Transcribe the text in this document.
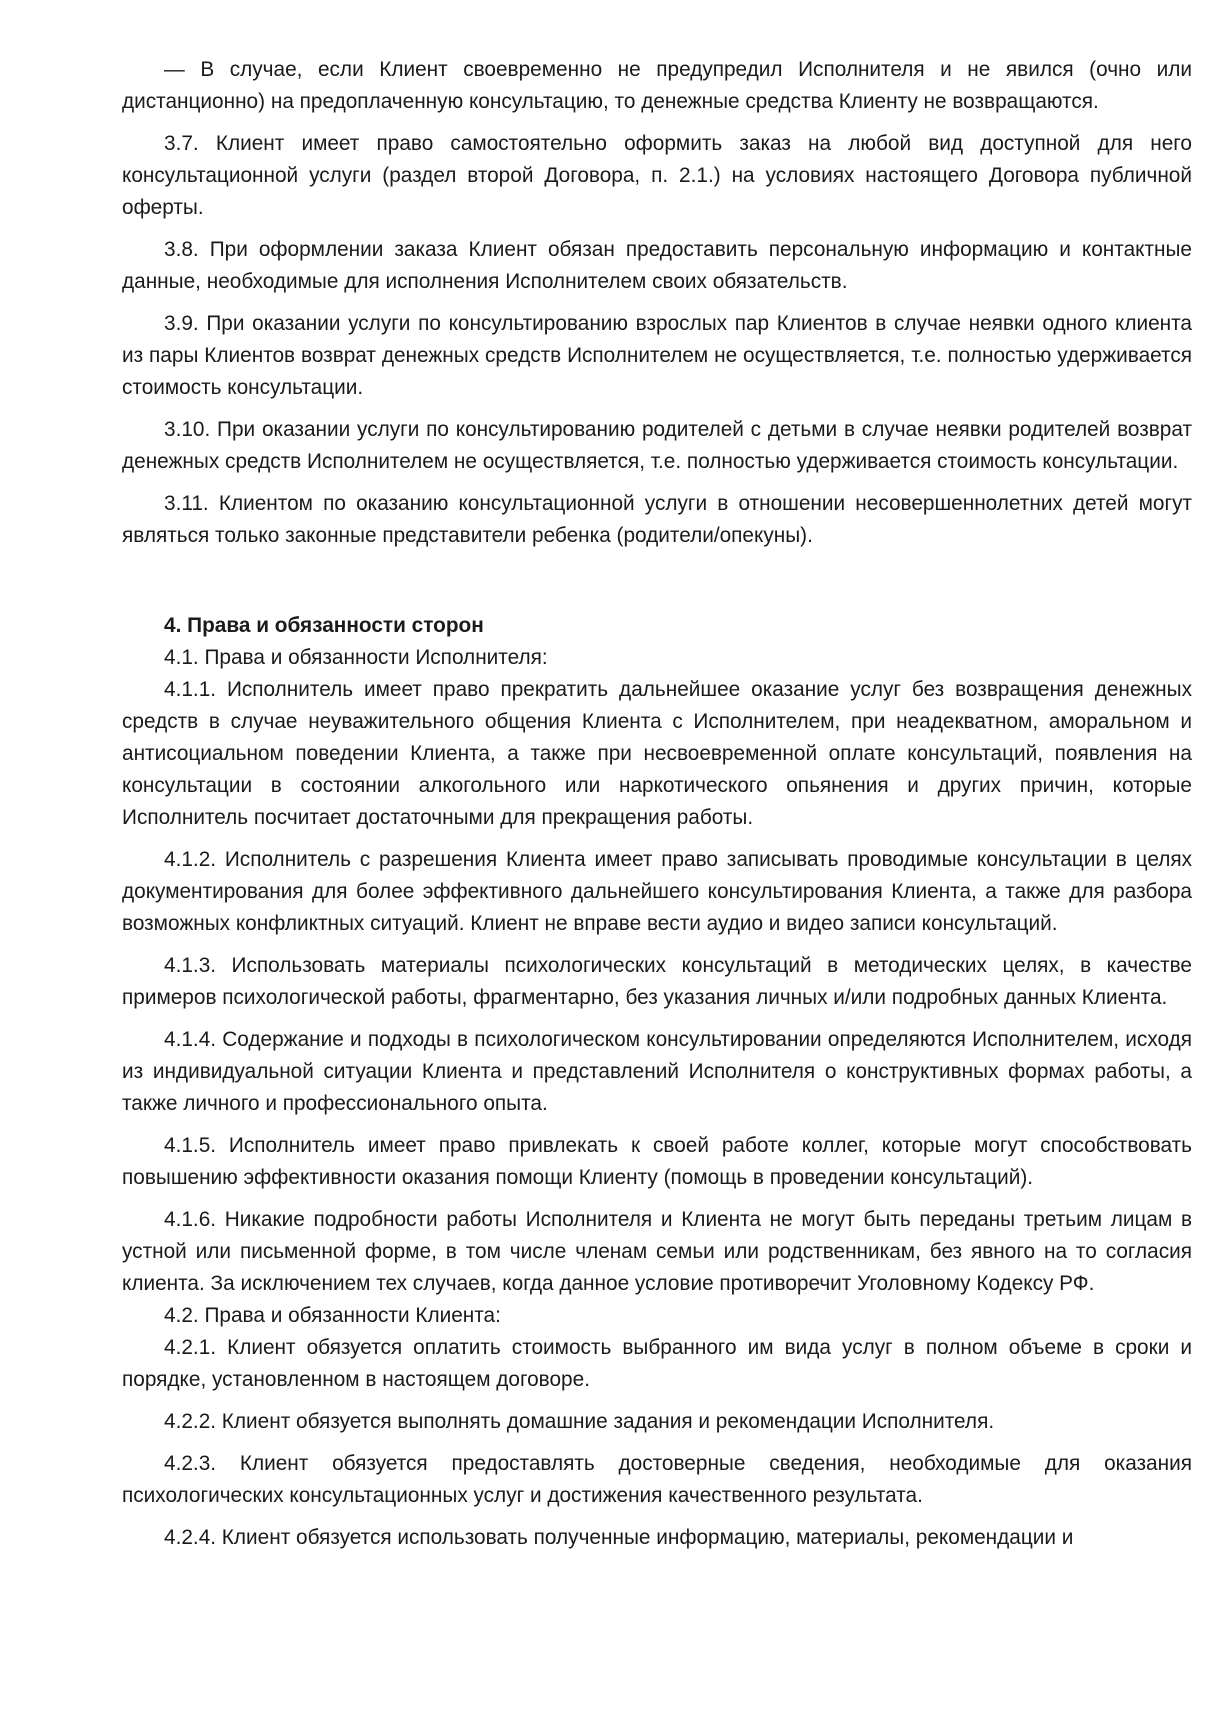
— В случае, если Клиент своевременно не предупредил Исполнителя и не явился (очно или дистанционно) на предоплаченную консультацию, то денежные средства Клиенту не возвращаются.

3.7. Клиент имеет право самостоятельно оформить заказ на любой вид доступной для него консультационной услуги (раздел второй Договора, п. 2.1.) на условиях настоящего Договора публичной оферты.

3.8. При оформлении заказа Клиент обязан предоставить персональную информацию и контактные данные, необходимые для исполнения Исполнителем своих обязательств.

3.9. При оказании услуги по консультированию взрослых пар Клиентов в случае неявки одного клиента из пары Клиентов возврат денежных средств Исполнителем не осуществляется, т.е. полностью удерживается стоимость консультации.

3.10. При оказании услуги по консультированию родителей с детьми в случае неявки родителей возврат денежных средств Исполнителем не осуществляется, т.е. полностью удерживается стоимость консультации.

3.11. Клиентом по оказанию консультационной услуги в отношении несовершеннолетних детей могут являться только законные представители ребенка (родители/опекуны).

4. Права и обязанности сторон

4.1. Права и обязанности Исполнителя:

4.1.1. Исполнитель имеет право прекратить дальнейшее оказание услуг без возвращения денежных средств в случае неуважительного общения Клиента с Исполнителем, при неадекватном, аморальном и антисоциальном поведении Клиента, а также при несвоевременной оплате консультаций, появления на консультации в состоянии алкогольного или наркотического опьянения и других причин, которые Исполнитель посчитает достаточными для прекращения работы.

4.1.2. Исполнитель с разрешения Клиента имеет право записывать проводимые консультации в целях документирования для более эффективного дальнейшего консультирования Клиента, а также для разбора возможных конфликтных ситуаций. Клиент не вправе вести аудио и видео записи консультаций.

4.1.3. Использовать материалы психологических консультаций в методических целях, в качестве примеров психологической работы, фрагментарно, без указания личных и/или подробных данных Клиента.

4.1.4. Содержание и подходы в психологическом консультировании определяются Исполнителем, исходя из индивидуальной ситуации Клиента и представлений Исполнителя о конструктивных формах работы, а также личного и профессионального опыта.

4.1.5. Исполнитель имеет право привлекать к своей работе коллег, которые могут способствовать повышению эффективности оказания помощи Клиенту (помощь в проведении консультаций).

4.1.6. Никакие подробности работы Исполнителя и Клиента не могут быть переданы третьим лицам в устной или письменной форме, в том числе членам семьи или родственникам, без явного на то согласия клиента. За исключением тех случаев, когда данное условие противоречит Уголовному Кодексу РФ.

4.2. Права и обязанности Клиента:

4.2.1. Клиент обязуется оплатить стоимость выбранного им вида услуг в полном объеме в сроки и порядке, установленном в настоящем договоре.

4.2.2. Клиент обязуется выполнять домашние задания и рекомендации Исполнителя.

4.2.3. Клиент обязуется предоставлять достоверные сведения, необходимые для оказания психологических консультационных услуг и достижения качественного результата.

4.2.4. Клиент обязуется использовать полученные информацию, материалы, рекомендации и
